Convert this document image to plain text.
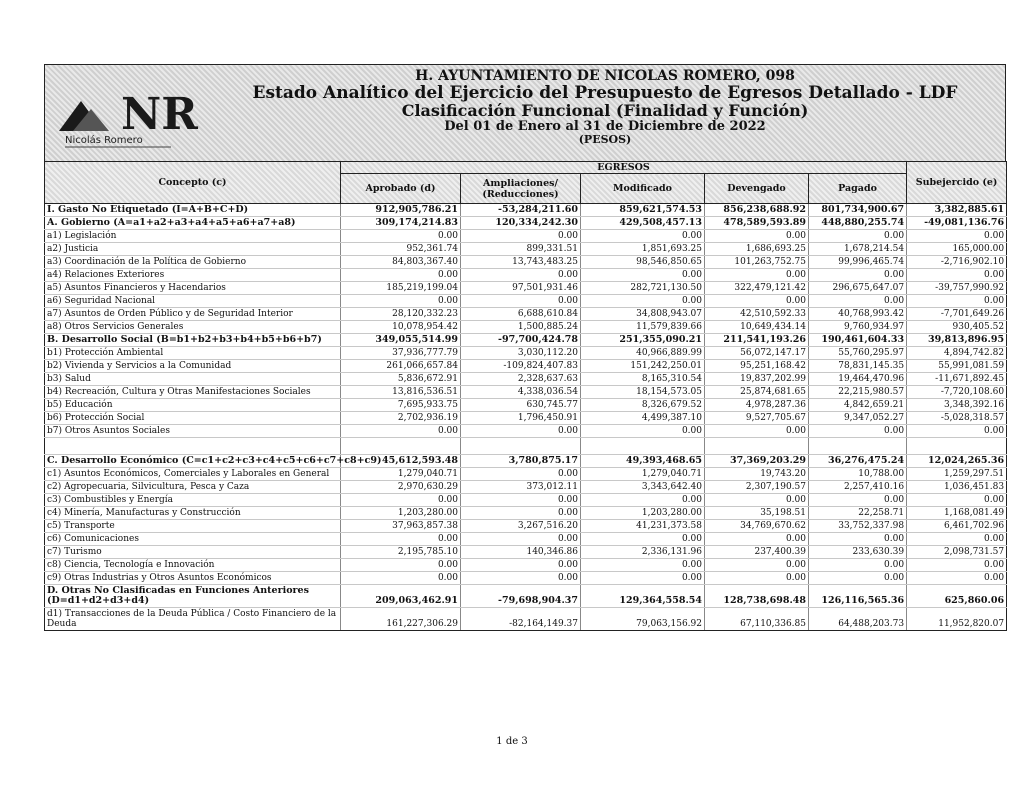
NR
Nicolás Romero
H. AYUNTAMIENTO DE NICOLAS ROMERO, 098
Estado Analítico del Ejercicio del Presupuesto de Egresos Detallado - LDF
Clasificación Funcional (Finalidad y Función)
Del 01 de Enero al 31 de Diciembre de 2022
(PESOS)
Concepto (c)	EGRESOS					Subejercido (e)
	Aprobado (d)	Ampliaciones/ (Reducciones)	Modificado	Devengado	Pagado	
I. Gasto No Etiquetado (I=A+B+C+D)	912,905,786.21	-53,284,211.60	859,621,574.53	856,238,688.92	801,734,900.67	3,382,885.61
A. Gobierno (A=a1+a2+a3+a4+a5+a6+a7+a8)	309,174,214.83	120,334,242.30	429,508,457.13	478,589,593.89	448,880,255.74	-49,081,136.76
a1) Legislación	0.00	0.00	0.00	0.00	0.00	0.00
a2) Justicia	952,361.74	899,331.51	1,851,693.25	1,686,693.25	1,678,214.54	165,000.00
a3) Coordinación de la Política de Gobierno	84,803,367.40	13,743,483.25	98,546,850.65	101,263,752.75	99,996,465.74	-2,716,902.10
a4) Relaciones Exteriores	0.00	0.00	0.00	0.00	0.00	0.00
a5) Asuntos Financieros y Hacendarios	185,219,199.04	97,501,931.46	282,721,130.50	322,479,121.42	296,675,647.07	-39,757,990.92
a6) Seguridad Nacional	0.00	0.00	0.00	0.00	0.00	0.00
a7) Asuntos de Orden Público y de Seguridad Interior	28,120,332.23	6,688,610.84	34,808,943.07	42,510,592.33	40,768,993.42	-7,701,649.26
a8) Otros Servicios Generales	10,078,954.42	1,500,885.24	11,579,839.66	10,649,434.14	9,760,934.97	930,405.52
B. Desarrollo Social (B=b1+b2+b3+b4+b5+b6+b7)	349,055,514.99	-97,700,424.78	251,355,090.21	211,541,193.26	190,461,604.33	39,813,896.95
b1) Protección Ambiental	37,936,777.79	3,030,112.20	40,966,889.99	56,072,147.17	55,760,295.97	4,894,742.82
b2) Vivienda y Servicios a la Comunidad	261,066,657.84	-109,824,407.83	151,242,250.01	95,251,168.42	78,831,145.35	55,991,081.59
b3) Salud	5,836,672.91	2,328,637.63	8,165,310.54	19,837,202.99	19,464,470.96	-11,671,892.45
b4) Recreación, Cultura y Otras Manifestaciones Sociales	13,816,536.51	4,338,036.54	18,154,573.05	25,874,681.65	22,215,980.57	-7,720,108.60
b5) Educación	7,695,933.75	630,745.77	8,326,679.52	4,978,287.36	4,842,659.21	3,348,392.16
b6) Protección Social	2,702,936.19	1,796,450.91	4,499,387.10	9,527,705.67	9,347,052.27	-5,028,318.57
b7) Otros Asuntos Sociales	0.00	0.00	0.00	0.00	0.00	0.00

C. Desarrollo Económico (C=c1+c2+c3+c4+c5+c6+c7+c8+c9)	45,612,593.48	3,780,875.17	49,393,468.65	37,369,203.29	36,276,475.24	12,024,265.36
c1) Asuntos Económicos, Comerciales y Laborales en General	1,279,040.71	0.00	1,279,040.71	19,743.20	10,788.00	1,259,297.51
c2) Agropecuaria, Silvicultura, Pesca y Caza	2,970,630.29	373,012.11	3,343,642.40	2,307,190.57	2,257,410.16	1,036,451.83
c3) Combustibles y Energía	0.00	0.00	0.00	0.00	0.00	0.00
c4) Minería, Manufacturas y Construcción	1,203,280.00	0.00	1,203,280.00	35,198.51	22,258.71	1,168,081.49
c5) Transporte	37,963,857.38	3,267,516.20	41,231,373.58	34,769,670.62	33,752,337.98	6,461,702.96
c6) Comunicaciones	0.00	0.00	0.00	0.00	0.00	0.00
c7) Turismo	2,195,785.10	140,346.86	2,336,131.96	237,400.39	233,630.39	2,098,731.57
c8) Ciencia, Tecnología e Innovación	0.00	0.00	0.00	0.00	0.00	0.00
c9) Otras Industrias y Otros Asuntos Económicos	0.00	0.00	0.00	0.00	0.00	0.00
D. Otras No Clasificadas en Funciones Anteriores (D=d1+d2+d3+d4)	209,063,462.91	-79,698,904.37	129,364,558.54	128,738,698.48	126,116,565.36	625,860.06
d1) Transacciones de la Deuda Pública / Costo Financiero de la Deuda	161,227,306.29	-82,164,149.37	79,063,156.92	67,110,336.85	64,488,203.73	11,952,820.07
1 de 3
